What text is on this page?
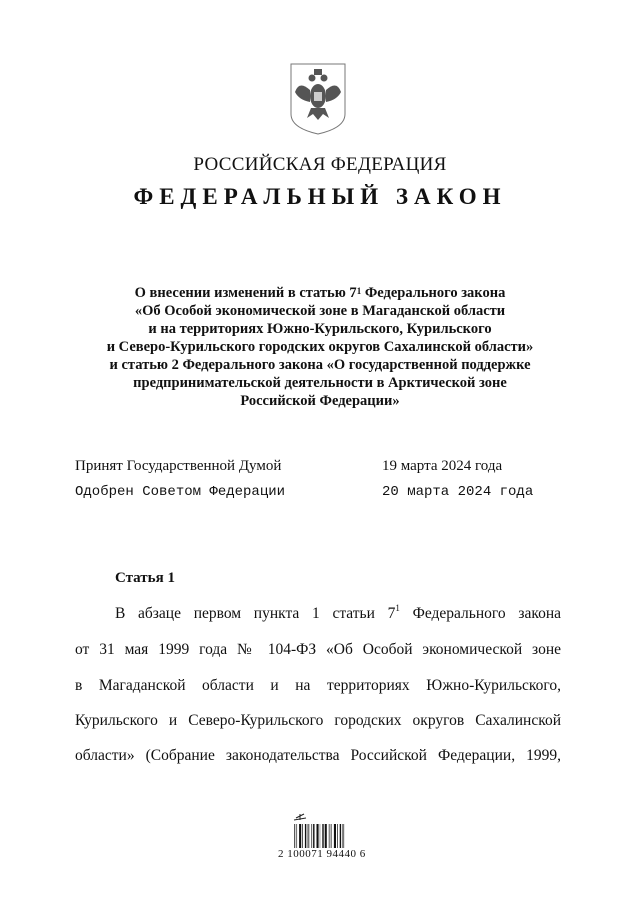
РОССИЙСКАЯ ФЕДЕРАЦИЯ
ФЕДЕРАЛЬНЫЙ ЗАКОН
О внесении изменений в статью $7^1$ Федерального закона
«Об Особой экономической зоне в Магаданской области
и на территориях Южно-Курильского, Курильского
и Северо-Курильского городских округов Сахалинской области»
и статью 2 Федерального закона «О государственной поддержке
предпринимательской деятельности в Арктической зоне
Российской Федерации»
Принят Государственной Думой	19 марта 2024 года
Одобрен Советом Федерации	20 марта 2024 года
Статья 1
В абзаце первом пункта 1 статьи $7^1$ Федерального закона
от 31 мая 1999 года № 104-ФЗ «Об Особой экономической зоне
в Магаданской области и на территориях Южно-Курильского,
Курильского и Северо-Курильского городских округов Сахалинской
области» (Собрание законодательства Российской Федерации, 1999,
2 100071 94440 6
